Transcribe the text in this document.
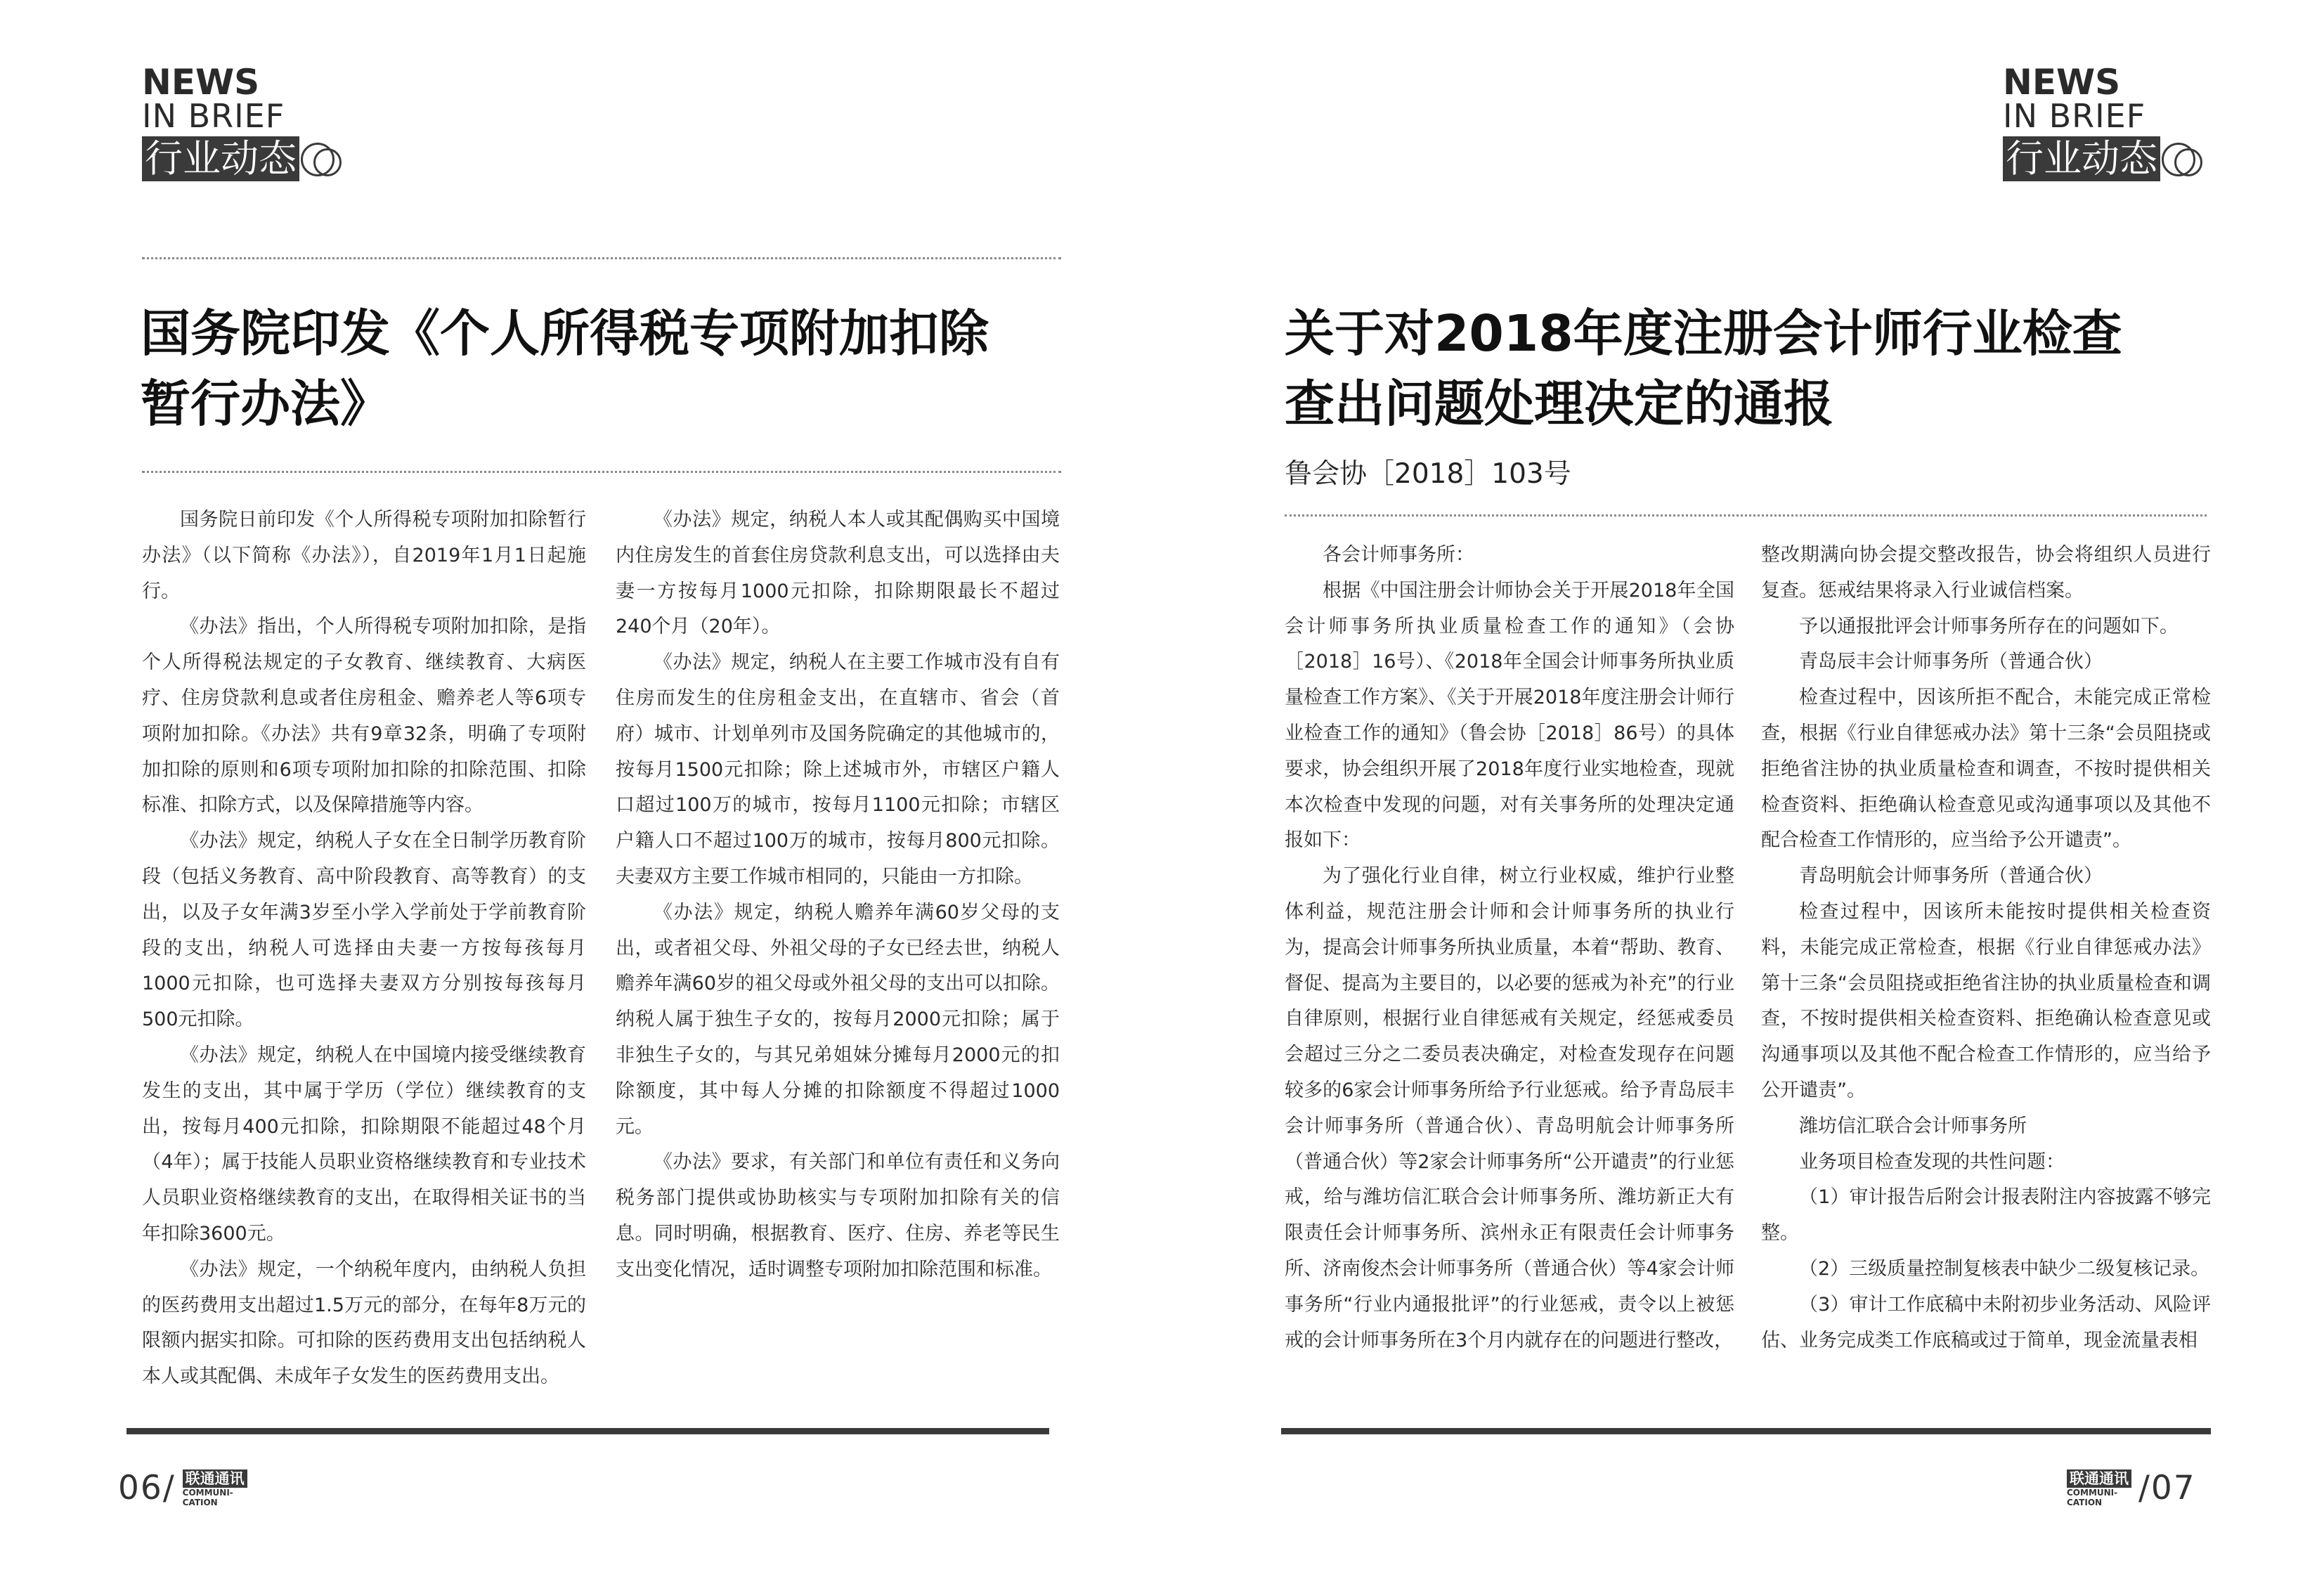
NEWS
IN BRIEF
行业动态
国务院印发《个人所得税专项附加扣除
暂行办法》

国务院日前印发《个人所得税专项附加扣除暂行办法》（以下简称《办法》），自2019年1月1日起施行。

《办法》指出，个人所得税专项附加扣除，是指个人所得税法规定的子女教育、继续教育、大病医疗、住房贷款利息或者住房租金、赡养老人等6项专项附加扣除。《办法》共有9章32条，明确了专项附加扣除的原则和6项专项附加扣除的扣除范围、扣除标准、扣除方式，以及保障措施等内容。

《办法》规定，纳税人子女在全日制学历教育阶段（包括义务教育、高中阶段教育、高等教育）的支出，以及子女年满3岁至小学入学前处于学前教育阶段的支出，纳税人可选择由夫妻一方按每孩每月1000元扣除，也可选择夫妻双方分别按每孩每月500元扣除。

《办法》规定，纳税人在中国境内接受继续教育发生的支出，其中属于学历（学位）继续教育的支出，按每月400元扣除，扣除期限不能超过48个月（4年）；属于技能人员职业资格继续教育和专业技术人员职业资格继续教育的支出，在取得相关证书的当年扣除3600元。

《办法》规定，一个纳税年度内，由纳税人负担的医药费用支出超过1.5万元的部分，在每年8万元的限额内据实扣除。可扣除的医药费用支出包括纳税人本人或其配偶、未成年子女发生的医药费用支出。

《办法》规定，纳税人本人或其配偶购买中国境内住房发生的首套住房贷款利息支出，可以选择由夫妻一方按每月1000元扣除，扣除期限最长不超过240个月（20年）。

《办法》规定，纳税人在主要工作城市没有自有住房而发生的住房租金支出，在直辖市、省会（首府）城市、计划单列市及国务院确定的其他城市的，按每月1500元扣除；除上述城市外，市辖区户籍人口超过100万的城市，按每月1100元扣除；市辖区户籍人口不超过100万的城市，按每月800元扣除。夫妻双方主要工作城市相同的，只能由一方扣除。

《办法》规定，纳税人赡养年满60岁父母的支出，或者祖父母、外祖父母的子女已经去世，纳税人赡养年满60岁的祖父母或外祖父母的支出可以扣除。纳税人属于独生子女的，按每月2000元扣除；属于非独生子女的，与其兄弟姐妹分摊每月2000元的扣除额度，其中每人分摊的扣除额度不得超过1000元。

《办法》要求，有关部门和单位有责任和义务向税务部门提供或协助核实与专项附加扣除有关的信息。同时明确，根据教育、医疗、住房、养老等民生支出变化情况，适时调整专项附加扣除范围和标准。

06/ 联通通讯
COMMUNI-
CATION
NEWS
IN BRIEF
行业动态
关于对2018年度注册会计师行业检查
查出问题处理决定的通报
鲁会协［2018］103号

各会计师事务所：

根据《中国注册会计师协会关于开展2018年全国会计师事务所执业质量检查工作的通知》（会协［2018］16号）、《2018年全国会计师事务所执业质量检查工作方案》、《关于开展2018年度注册会计师行业检查工作的通知》（鲁会协［2018］86号）的具体要求，协会组织开展了2018年度行业实地检查，现就本次检查中发现的问题，对有关事务所的处理决定通报如下：

为了强化行业自律，树立行业权威，维护行业整体利益，规范注册会计师和会计师事务所的执业行为，提高会计师事务所执业质量，本着“帮助、教育、督促、提高为主要目的，以必要的惩戒为补充”的行业自律原则，根据行业自律惩戒有关规定，经惩戒委员会超过三分之二委员表决确定，对检查发现存在问题较多的6家会计师事务所给予行业惩戒。给予青岛辰丰会计师事务所（普通合伙）、青岛明航会计师事务所（普通合伙）等2家会计师事务所“公开谴责”的行业惩戒，给与潍坊信汇联合会计师事务所、潍坊新正大有限责任会计师事务所、滨州永正有限责任会计师事务所、济南俊杰会计师事务所（普通合伙）等4家会计师事务所“行业内通报批评”的行业惩戒，责令以上被惩戒的会计师事务所在3个月内就存在的问题进行整改，

整改期满向协会提交整改报告，协会将组织人员进行复查。惩戒结果将录入行业诚信档案。

予以通报批评会计师事务所存在的问题如下。

青岛辰丰会计师事务所（普通合伙）

检查过程中，因该所拒不配合，未能完成正常检查，根据《行业自律惩戒办法》第十三条“会员阻挠或拒绝省注协的执业质量检查和调查，不按时提供相关检查资料、拒绝确认检查意见或沟通事项以及其他不配合检查工作情形的，应当给予公开谴责”。

青岛明航会计师事务所（普通合伙）

检查过程中，因该所未能按时提供相关检查资料，未能完成正常检查，根据《行业自律惩戒办法》第十三条“会员阻挠或拒绝省注协的执业质量检查和调查，不按时提供相关检查资料、拒绝确认检查意见或沟通事项以及其他不配合检查工作情形的，应当给予公开谴责”。

潍坊信汇联合会计师事务所

业务项目检查发现的共性问题：

（1）审计报告后附会计报表附注内容披露不够完整。

（2）三级质量控制复核表中缺少二级复核记录。

（3）审计工作底稿中未附初步业务活动、风险评估、业务完成类工作底稿或过于简单，现金流量表相

联通通讯
COMMUNI-
CATION	/07
